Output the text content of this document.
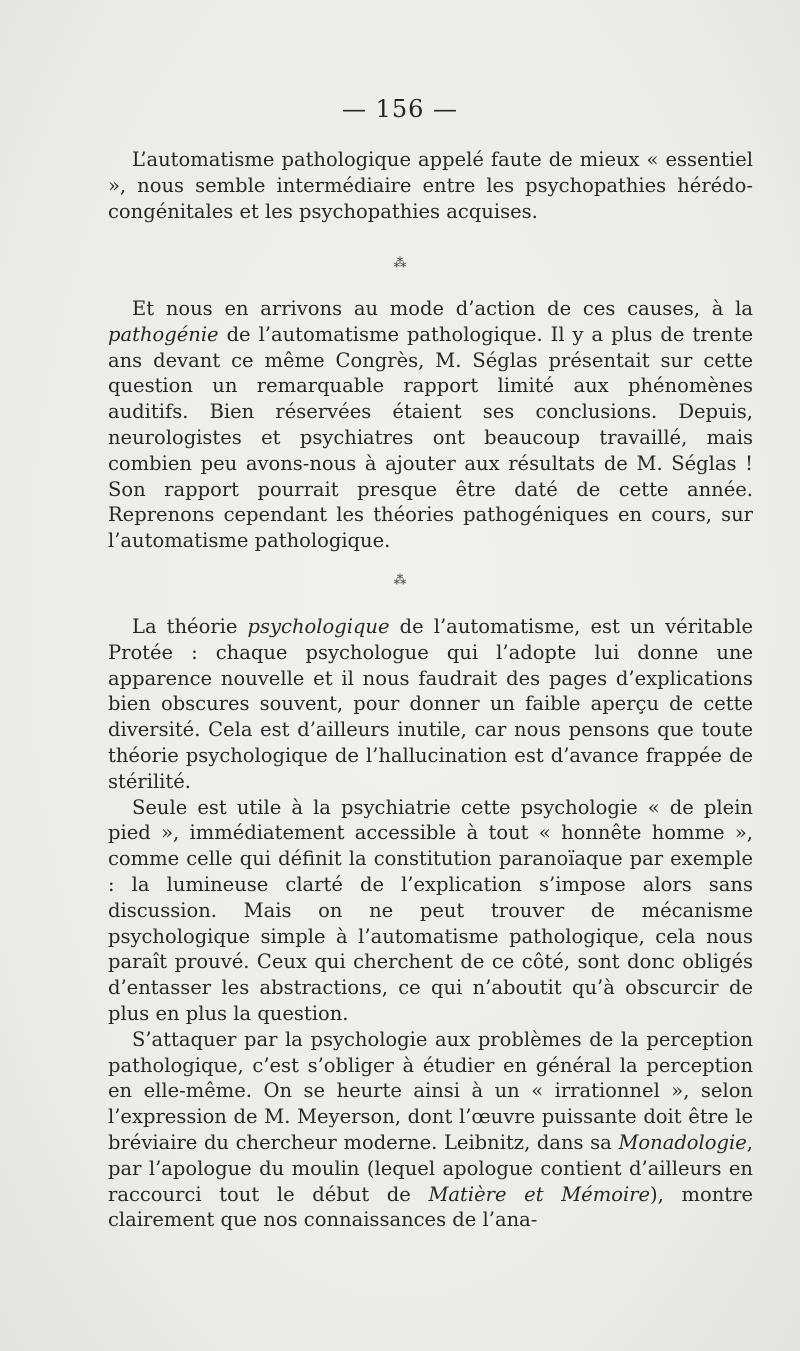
— 156 —

L’automatisme pathologique appelé faute de mieux « essentiel », nous semble intermédiaire entre les psychopathies hérédo-congénitales et les psychopathies acquises.

⁂

Et nous en arrivons au mode d’action de ces causes, à la pathogénie de l’automatisme pathologique. Il y a plus de trente ans devant ce même Congrès, M. Séglas présentait sur cette question un remarquable rapport limité aux phénomènes auditifs. Bien réservées étaient ses conclusions. Depuis, neurologistes et psychiatres ont beaucoup travaillé, mais combien peu avons-nous à ajouter aux résultats de M. Séglas ! Son rapport pourrait presque être daté de cette année. Reprenons cependant les théories pathogéniques en cours, sur l’automatisme pathologique.

⁂

La théorie psychologique de l’automatisme, est un véritable Protée : chaque psychologue qui l’adopte lui donne une apparence nouvelle et il nous faudrait des pages d’explications bien obscures souvent, pour donner un faible aperçu de cette diversité. Cela est d’ailleurs inutile, car nous pensons que toute théorie psychologique de l’hallucination est d’avance frappée de stérilité.

Seule est utile à la psychiatrie cette psychologie « de plein pied », immédiatement accessible à tout « honnête homme », comme celle qui définit la constitution paranoïaque par exemple : la lumineuse clarté de l’explication s’impose alors sans discussion. Mais on ne peut trouver de mécanisme psychologique simple à l’automatisme pathologique, cela nous paraît prouvé. Ceux qui cherchent de ce côté, sont donc obligés d’entasser les abstractions, ce qui n’aboutit qu’à obscurcir de plus en plus la question.

S’attaquer par la psychologie aux problèmes de la perception pathologique, c’est s’obliger à étudier en général la perception en elle-même. On se heurte ainsi à un « irrationnel », selon l’expression de M. Meyerson, dont l’œuvre puissante doit être le bréviaire du chercheur moderne. Leibnitz, dans sa Monadologie, par l’apologue du moulin (lequel apologue contient d’ailleurs en raccourci tout le début de Matière et Mémoire), montre clairement que nos connaissances de l’ana-
